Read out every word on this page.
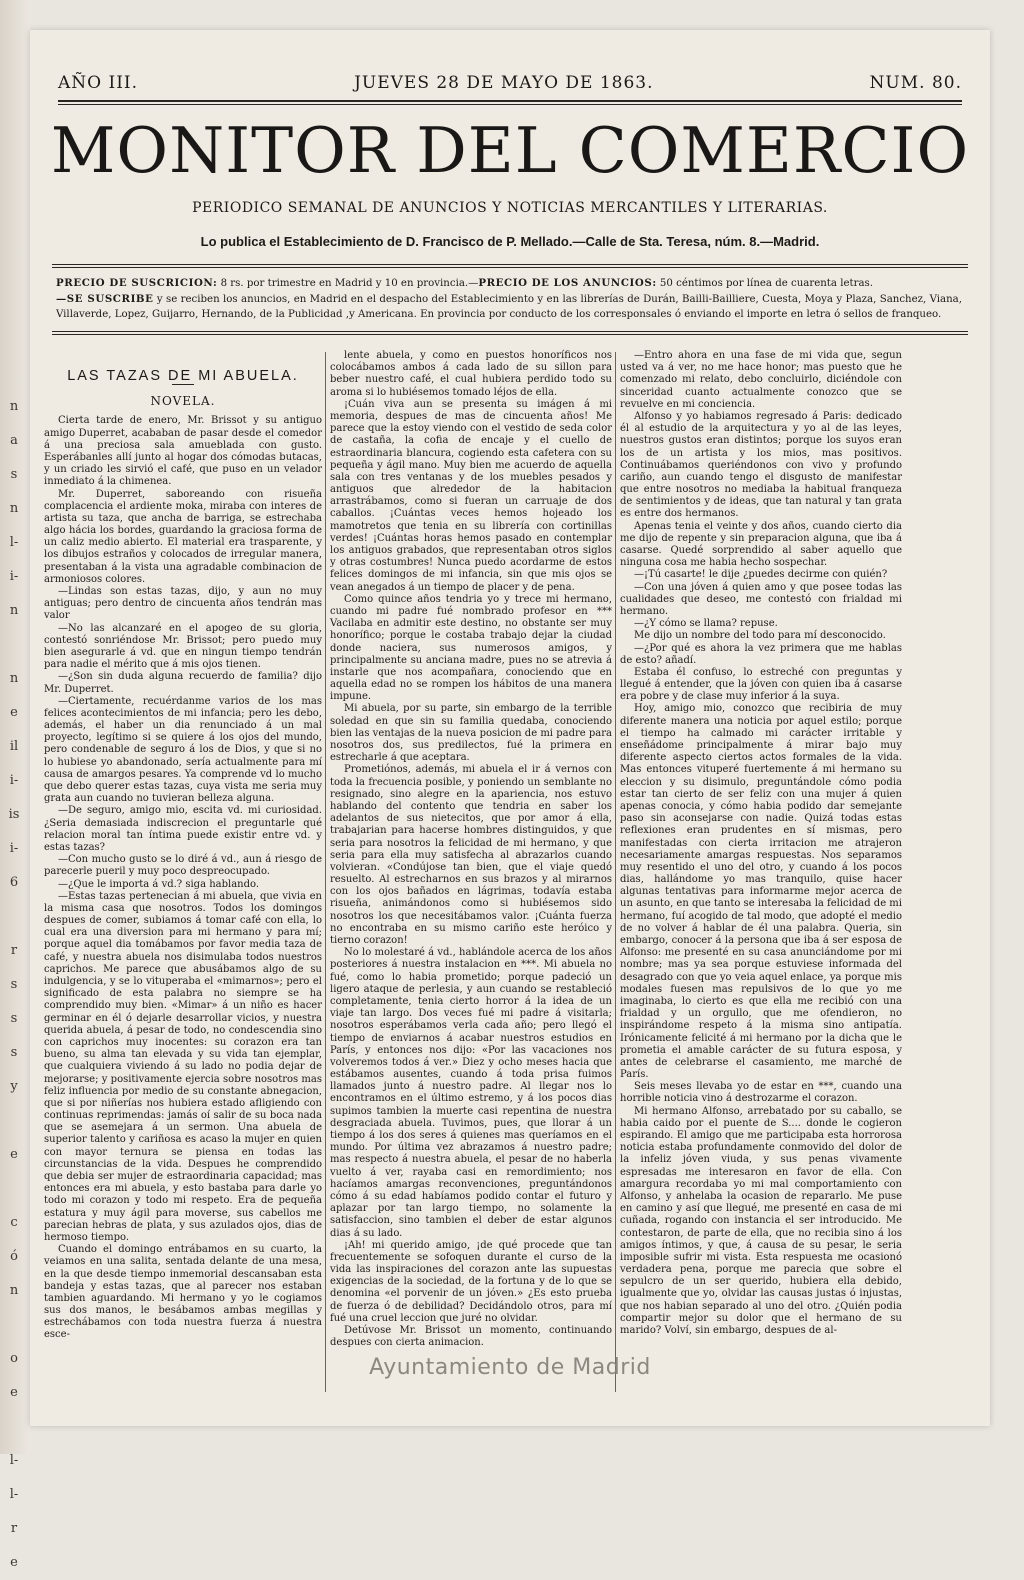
n
a
s
n
l-
i-
n

n
e
il
i-
is
i-
6

r
s
s
s
y

e

c
ó
n

o
e

l-
l-
r
e
AÑO III.	JUEVES 28 DE MAYO DE 1863.	NUM. 80.
MONITOR DEL COMERCIO
PERIODICO SEMANAL DE ANUNCIOS Y NOTICIAS MERCANTILES Y LITERARIAS.
Lo publica el Establecimiento de D. Francisco de P. Mellado.—Calle de Sta. Teresa, núm. 8.—Madrid.
PRECIO DE SUSCRICION: 8 rs. por trimestre en Madrid y 10 en provincia.—PRECIO DE LOS ANUNCIOS: 50 céntimos por línea de cuarenta letras.
—SE SUSCRIBE y se reciben los anuncios, en Madrid en el despacho del Establecimiento y en las librerías de Durán, Bailli-Bailliere, Cuesta, Moya y Plaza, Sanchez, Viana, Villaverde, Lopez, Guijarro, Hernando, de la Publicidad ,y Americana. En provincia por conducto de los corresponsales ó enviando el importe en letra ó sellos de franqueo.

LAS TAZAS DE MI ABUELA.

NOVELA.

Cierta tarde de enero, Mr. Brissot y su antiguo amigo Duperret, acababan de pasar desde el comedor á una preciosa sala amueblada con gusto. Esperábanles allí junto al hogar dos cómodas butacas, y un criado les sirvió el café, que puso en un velador inmediato á la chimenea.

Mr. Duperret, saboreando con risueña complacencia el ardiente moka, miraba con interes de artista su taza, que ancha de barriga, se estrechaba algo hácia los bordes, guardando la graciosa forma de un caliz medio abierto. El material era trasparente, y los dibujos estraños y colocados de irregular manera, presentaban á la vista una agradable combinacion de armoniosos colores.

—Lindas son estas tazas, dijo, y aun no muy antiguas; pero dentro de cincuenta años tendrán mas valor

—No las alcanzaré en el apogeo de su gloria, contestó sonriéndose Mr. Brissot; pero puedo muy bien asegurarle á vd. que en ningun tiempo tendrán para nadie el mérito que á mis ojos tienen.

—¿Son sin duda alguna recuerdo de familia? dijo Mr. Duperret.

—Ciertamente, recuérdanme varios de los mas felices acontecimientos de mi infancia; pero les debo, además, el haber un dia renunciado á un mal proyecto, legítimo si se quiere á los ojos del mundo, pero condenable de seguro á los de Dios, y que si no lo hubiese yo abandonado, sería actualmente para mí causa de amargos pesares. Ya comprende vd lo mucho que debo querer estas tazas, cuya vista me seria muy grata aun cuando no tuvieran belleza alguna.

—De seguro, amigo mio, escita vd. mi curiosidad. ¿Seria demasiada indiscrecion el preguntarle qué relacion moral tan íntima puede existir entre vd. y estas tazas?

—Con mucho gusto se lo diré á vd., aun á riesgo de parecerle pueril y muy poco despreocupado.

—¿Que le importa á vd.? siga hablando.

—Estas tazas pertenecian á mi abuela, que vivia en la misma casa que nosotros. Todos los domingos despues de comer, subiamos á tomar café con ella, lo cual era una diversion para mi hermano y para mí; porque aquel dia tomábamos por favor media taza de café, y nuestra abuela nos disimulaba todos nuestros caprichos. Me parece que abusábamos algo de su indulgencia, y se lo vituperaba el «mimarnos»; pero el significado de esta palabra no siempre se ha comprendido muy bien. «Mimar» á un niño es hacer germinar en él ó dejarle desarrollar vicios, y nuestra querida abuela, á pesar de todo, no condescendia sino con caprichos muy inocentes: su corazon era tan bueno, su alma tan elevada y su vida tan ejemplar, que cualquiera viviendo á su lado no podia dejar de mejorarse; y positivamente ejercia sobre nosotros mas feliz influencia por medio de su constante abnegacion, que si por niñerías nos hubiera estado afligiendo con continuas reprimendas: jamás oí salir de su boca nada que se asemejara á un sermon. Una abuela de superior talento y cariñosa es acaso la mujer en quien con mayor ternura se piensa en todas las circunstancias de la vida. Despues he comprendido que debia ser mujer de estraordinaria capacidad; mas entonces era mi abuela, y esto bastaba para darle yo todo mi corazon y todo mi respeto. Era de pequeña estatura y muy ágil para moverse, sus cabellos me parecian hebras de plata, y sus azulados ojos, dias de hermoso tiempo.

Cuando el domingo entrábamos en su cuarto, la veiamos en una salita, sentada delante de una mesa, en la que desde tiempo inmemorial descansaban esta bandeja y estas tazas, que al parecer nos estaban tambien aguardando. Mi hermano y yo le cogiamos sus dos manos, le besábamos ambas megillas y estrechábamos con toda nuestra fuerza á nuestra esce-

lente abuela, y como en puestos honoríficos nos colocábamos ambos á cada lado de su sillon para beber nuestro café, el cual hubiera perdido todo su aroma si lo hubiésemos tomado léjos de ella.

¡Cuán viva aun se presenta su imágen á mi memoria, despues de mas de cincuenta años! Me parece que la estoy viendo con el vestido de seda color de castaña, la cofia de encaje y el cuello de estraordinaria blancura, cogiendo esta cafetera con su pequeña y ágil mano. Muy bien me acuerdo de aquella sala con tres ventanas y de los muebles pesados y antiguos que alrededor de la habitacion arrastrábamos, como si fueran un carruaje de dos caballos. ¡Cuántas veces hemos hojeado los mamotretos que tenia en su librería con cortinillas verdes! ¡Cuántas horas hemos pasado en contemplar los antiguos grabados, que representaban otros siglos y otras costumbres! Nunca puedo acordarme de estos felices domingos de mi infancia, sin que mis ojos se vean anegados á un tiempo de placer y de pena.

Como quince años tendria yo y trece mi hermano, cuando mi padre fué nombrado profesor en *** Vacilaba en admitir este destino, no obstante ser muy honorífico; porque le costaba trabajo dejar la ciudad donde naciera, sus numerosos amigos, y principalmente su anciana madre, pues no se atrevia á instarle que nos acompañara, conociendo que en aquella edad no se rompen los hábitos de una manera impune.

Mi abuela, por su parte, sin embargo de la terrible soledad en que sin su familia quedaba, conociendo bien las ventajas de la nueva posicion de mi padre para nosotros dos, sus predilectos, fué la primera en estrecharle á que aceptara.

Prometiónos, además, mi abuela el ir á vernos con toda la frecuencia posible, y poniendo un semblante no resignado, sino alegre en la apariencia, nos estuvo hablando del contento que tendria en saber los adelantos de sus nietecitos, que por amor á ella, trabajarian para hacerse hombres distinguidos, y que seria para nosotros la felicidad de mi hermano, y que seria para ella muy satisfecha al abrazarlos cuando volvieran. «Condújose tan bien, que el viaje quedó resuelto. Al estrecharnos en sus brazos y al mirarnos con los ojos bañados en lágrimas, todavía estaba risueña, animándonos como si hubiésemos sido nosotros los que necesitábamos valor. ¡Cuánta fuerza no encontraba en su mismo cariño este heróico y tierno corazon!

No lo molestaré á vd., hablándole acerca de los años posteriores á nuestra instalacion en ***. Mi abuela no fué, como lo habia prometido; porque padeció un ligero ataque de perlesia, y aun cuando se restableció completamente, tenia cierto horror á la idea de un viaje tan largo. Dos veces fué mi padre á visitarla; nosotros esperábamos verla cada año; pero llegó el tiempo de enviarnos á acabar nuestros estudios en París, y entonces nos dijo: «Por las vacaciones nos volveremos todos á ver.» Diez y ocho meses hacia que estábamos ausentes, cuando á toda prisa fuimos llamados junto á nuestro padre. Al llegar nos lo encontramos en el último estremo, y á los pocos dias supimos tambien la muerte casi repentina de nuestra desgraciada abuela. Tuvimos, pues, que llorar á un tiempo á los dos seres á quienes mas queríamos en el mundo. Por última vez abrazamos á nuestro padre; mas respecto á nuestra abuela, el pesar de no haberla vuelto á ver, rayaba casi en remordimiento; nos hacíamos amargas reconvenciones, preguntándonos cómo á su edad habíamos podido contar el futuro y aplazar por tan largo tiempo, no solamente la satisfaccion, sino tambien el deber de estar algunos dias á su lado.

¡Ah! mi querido amigo, ¡de qué procede que tan frecuentemente se sofoquen durante el curso de la vida las inspiraciones del corazon ante las supuestas exigencias de la sociedad, de la fortuna y de lo que se denomina «el porvenir de un jóven.» ¿Es esto prueba de fuerza ó de debilidad? Decidándolo otros, para mí fué una cruel leccion que juré no olvidar.

Detúvose Mr. Brissot un momento, continuando despues con cierta animacion.

—Entro ahora en una fase de mi vida que, segun usted va á ver, no me hace honor; mas puesto que he comenzado mi relato, debo concluirlo, diciéndole con sinceridad cuanto actualmente conozco que se revuelve en mi conciencia.

Alfonso y yo habiamos regresado á Paris: dedicado él al estudio de la arquitectura y yo al de las leyes, nuestros gustos eran distintos; porque los suyos eran los de un artista y los mios, mas positivos. Continuábamos queriéndonos con vivo y profundo cariño, aun cuando tengo el disgusto de manifestar que entre nosotros no mediaba la habitual franqueza de sentimientos y de ideas, que tan natural y tan grata es entre dos hermanos.

Apenas tenia el veinte y dos años, cuando cierto dia me dijo de repente y sin preparacion alguna, que iba á casarse. Quedé sorprendido al saber aquello que ninguna cosa me habia hecho sospechar.

—¡Tú casarte! le dije ¿puedes decirme con quién?

—Con una jóven á quien amo y que posee todas las cualidades que deseo, me contestó con frialdad mi hermano.

—¿Y cómo se llama? repuse.

Me dijo un nombre del todo para mí desconocido.

—¿Por qué es ahora la vez primera que me hablas de esto? añadí.

Estaba él confuso, lo estreché con preguntas y llegué á entender, que la jóven con quien iba á casarse era pobre y de clase muy inferior á la suya.

Hoy, amigo mio, conozco que recibiria de muy diferente manera una noticia por aquel estilo; porque el tiempo ha calmado mi carácter irritable y enseñádome principalmente á mirar bajo muy diferente aspecto ciertos actos formales de la vida. Mas entonces vituperé fuertemente á mi hermano su eleccion y su disimulo, preguntándole cómo podia estar tan cierto de ser feliz con una mujer á quien apenas conocia, y cómo habia podido dar semejante paso sin aconsejarse con nadie. Quizá todas estas reflexiones eran prudentes en sí mismas, pero manifestadas con cierta irritacion me atrajeron necesariamente amargas respuestas. Nos separamos muy resentido el uno del otro, y cuando á los pocos dias, hallándome yo mas tranquilo, quise hacer algunas tentativas para informarme mejor acerca de un asunto, en que tanto se interesaba la felicidad de mi hermano, fuí acogido de tal modo, que adopté el medio de no volver á hablar de él una palabra. Queria, sin embargo, conocer á la persona que iba á ser esposa de Alfonso: me presenté en su casa anunciándome por mi nombre; mas ya sea porque estuviese informada del desagrado con que yo veia aquel enlace, ya porque mis modales fuesen mas repulsivos de lo que yo me imaginaba, lo cierto es que ella me recibió con una frialdad y un orgullo, que me ofendieron, no inspirándome respeto á la misma sino antipatía. Irónicamente felicité á mi hermano por la dicha que le prometia el amable carácter de su futura esposa, y antes de celebrarse el casamiento, me marché de París.

Seis meses llevaba yo de estar en ***, cuando una horrible noticia vino á destrozarme el corazon.

Mi hermano Alfonso, arrebatado por su caballo, se habia caido por el puente de S.... donde le cogieron espirando. El amigo que me participaba esta horrorosa noticia estaba profundamente conmovido del dolor de la infeliz jóven viuda, y sus penas vivamente espresadas me interesaron en favor de ella. Con amargura recordaba yo mi mal comportamiento con Alfonso, y anhelaba la ocasion de repararlo. Me puse en camino y así que llegué, me presenté en casa de mi cuñada, rogando con instancia el ser introducido. Me contestaron, de parte de ella, que no recibia sino á los amigos íntimos, y que, á causa de su pesar, le seria imposible sufrir mi vista. Esta respuesta me ocasionó verdadera pena, porque me parecia que sobre el sepulcro de un ser querido, hubiera ella debido, igualmente que yo, olvidar las causas justas ó injustas, que nos habian separado al uno del otro. ¿Quién podia compartir mejor su dolor que el hermano de su marido? Volví, sin embargo, despues de al-

Ayuntamiento de Madrid
